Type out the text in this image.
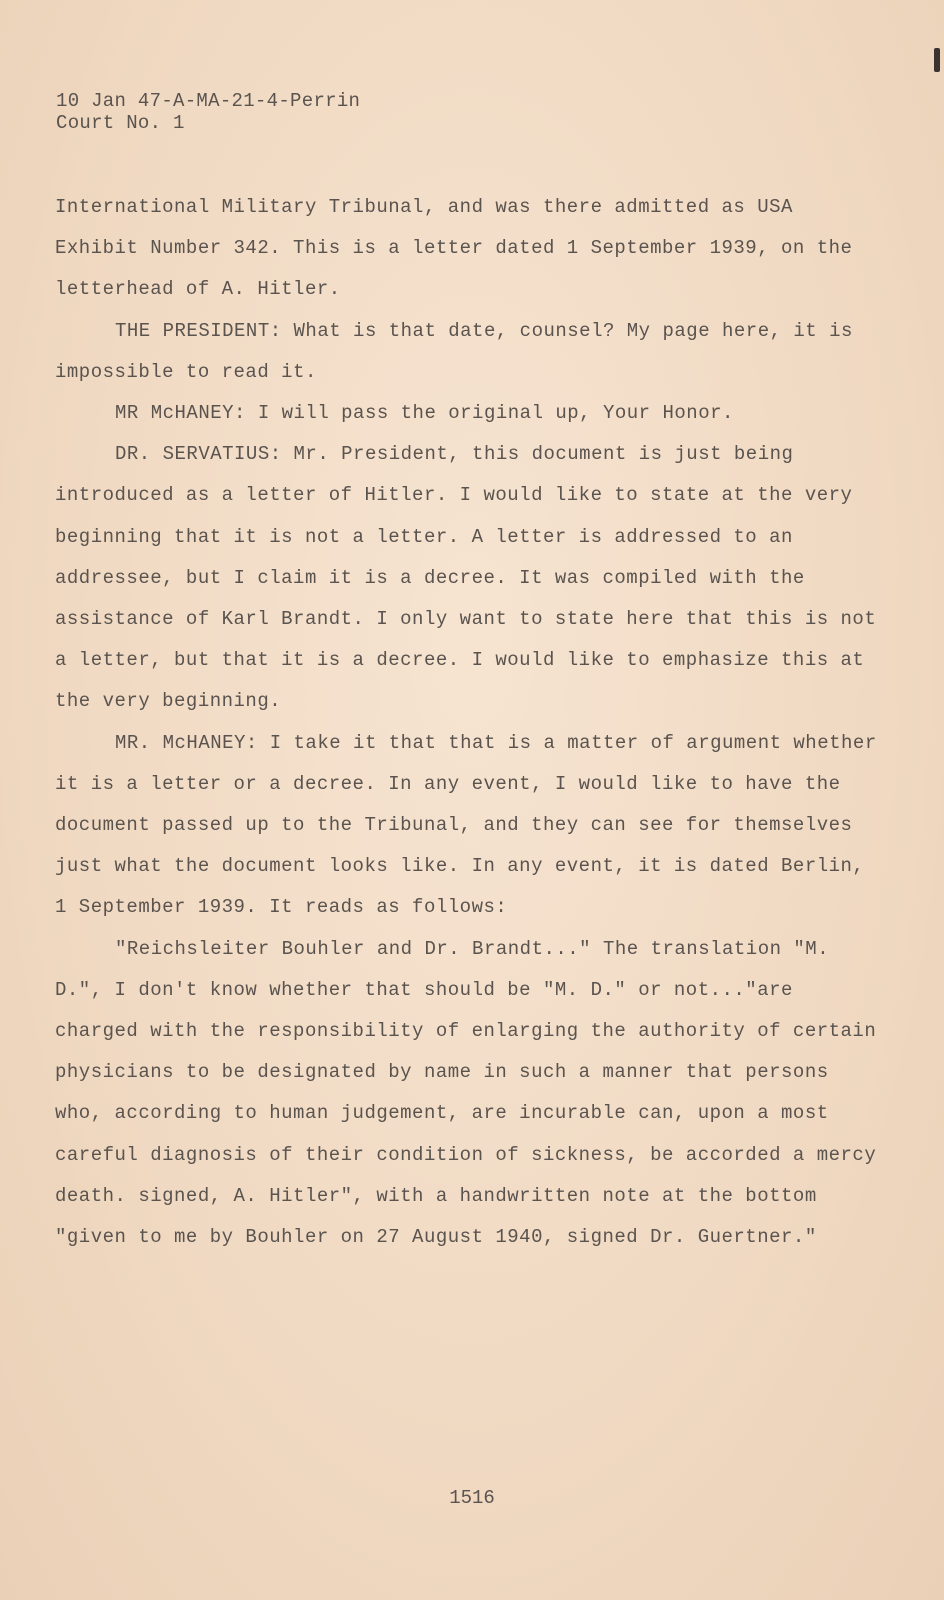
10 Jan 47-A-MA-21-4-Perrin
Court No. 1

International Military Tribunal, and was there admitted as USA Exhibit Number 342. This is a letter dated 1 September 1939, on the letterhead of A. Hitler.

THE PRESIDENT: What is that date, counsel? My page here, it is impossible to read it.

MR McHANEY: I will pass the original up, Your Honor.

DR. SERVATIUS: Mr. President, this document is just being introduced as a letter of Hitler. I would like to state at the very beginning that it is not a letter. A letter is addressed to an addressee, but I claim it is a decree. It was compiled with the assistance of Karl Brandt. I only want to state here that this is not a letter, but that it is a decree. I would like to emphasize this at the very beginning.

MR. McHANEY: I take it that that is a matter of argument whether it is a letter or a decree. In any event, I would like to have the document passed up to the Tribunal, and they can see for themselves just what the document looks like. In any event, it is dated Berlin, 1 September 1939. It reads as follows:

"Reichsleiter Bouhler and Dr. Brandt..." The translation "M. D.", I don't know whether that should be "M. D." or not..."are charged with the responsibility of enlarging the authority of certain physicians to be designated by name in such a manner that persons who, according to human judgement, are incurable can, upon a most careful diagnosis of their condition of sickness, be accorded a mercy death. signed, A. Hitler", with a handwritten note at the bottom "given to me by Bouhler on 27 August 1940, signed Dr. Guertner."

1516
